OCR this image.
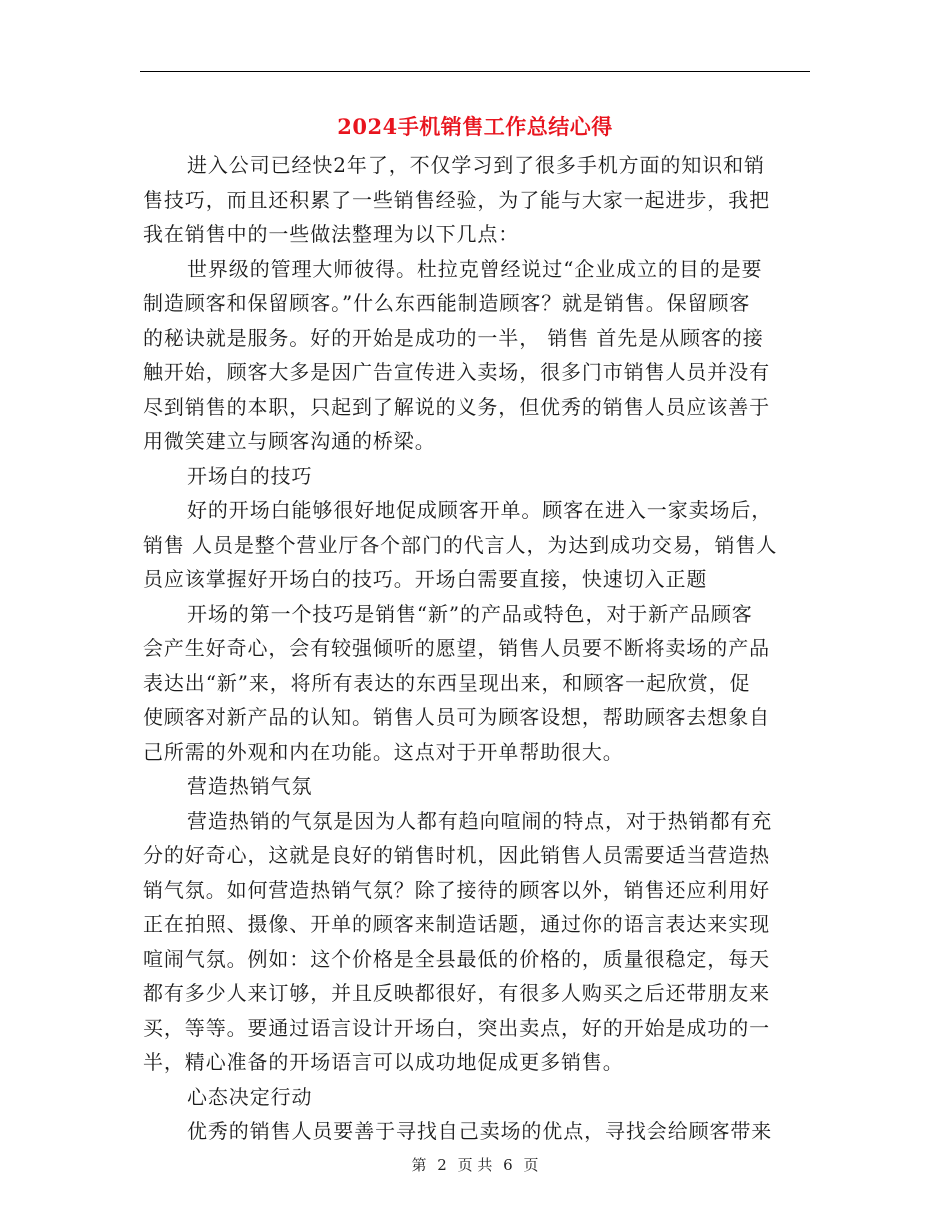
2024手机销售工作总结心得
进入公司已经快2年了，不仅学习到了很多手机方面的知识和销
售技巧，而且还积累了一些销售经验，为了能与大家一起进步，我把
我在销售中的一些做法整理为以下几点：
世界级的管理大师彼得。杜拉克曾经说过“企业成立的目的是要
制造顾客和保留顾客。”什么东西能制造顾客？就是销售。保留顾客
的秘诀就是服务。好的开始是成功的一半， 销售 首先是从顾客的接
触开始，顾客大多是因广告宣传进入卖场，很多门市销售人员并没有
尽到销售的本职，只起到了解说的义务，但优秀的销售人员应该善于
用微笑建立与顾客沟通的桥梁。
开场白的技巧
好的开场白能够很好地促成顾客开单。顾客在进入一家卖场后，
销售 人员是整个营业厅各个部门的代言人，为达到成功交易，销售人
员应该掌握好开场白的技巧。开场白需要直接，快速切入正题
开场的第一个技巧是销售“新”的产品或特色，对于新产品顾客
会产生好奇心，会有较强倾听的愿望，销售人员要不断将卖场的产品
表达出“新”来，将所有表达的东西呈现出来，和顾客一起欣赏，促
使顾客对新产品的认知。销售人员可为顾客设想，帮助顾客去想象自
己所需的外观和内在功能。这点对于开单帮助很大。
营造热销气氛
营造热销的气氛是因为人都有趋向喧闹的特点，对于热销都有充
分的好奇心，这就是良好的销售时机，因此销售人员需要适当营造热
销气氛。如何营造热销气氛？除了接待的顾客以外，销售还应利用好
正在拍照、摄像、开单的顾客来制造话题，通过你的语言表达来实现
喧闹气氛。例如：这个价格是全县最低的价格的，质量很稳定，每天
都有多少人来订够，并且反映都很好，有很多人购买之后还带朋友来
买，等等。要通过语言设计开场白，突出卖点，好的开始是成功的一
半，精心准备的开场语言可以成功地促成更多销售。
心态决定行动
优秀的销售人员要善于寻找自己卖场的优点，寻找会给顾客带来
第 2 页 共 6 页
